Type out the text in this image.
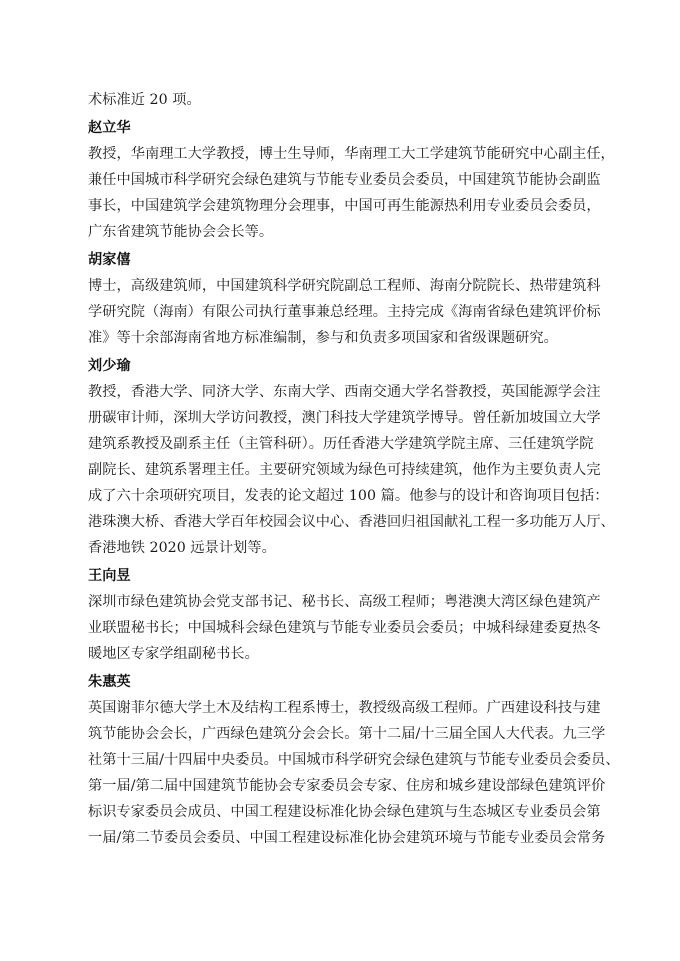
术标准近 20 项。
赵立华
教授，华南理工大学教授，博士生导师，华南理工大工学建筑节能研究中心副主任，
兼任中国城市科学研究会绿色建筑与节能专业委员会委员，中国建筑节能协会副监
事长，中国建筑学会建筑物理分会理事，中国可再生能源热利用专业委员会委员，
广东省建筑节能协会会长等。
胡家僖
博士，高级建筑师，中国建筑科学研究院副总工程师、海南分院院长、热带建筑科
学研究院（海南）有限公司执行董事兼总经理。主持完成《海南省绿色建筑评价标
准》等十余部海南省地方标准编制，参与和负责多项国家和省级课题研究。
刘少瑜
教授，香港大学、同济大学、东南大学、西南交通大学名誉教授，英国能源学会注
册碳审计师，深圳大学访问教授，澳门科技大学建筑学博导。曾任新加坡国立大学
建筑系教授及副系主任（主管科研）。历任香港大学建筑学院主席、三任建筑学院
副院长、建筑系署理主任。主要研究领域为绿色可持续建筑，他作为主要负责人完
成了六十余项研究项目，发表的论文超过 100 篇。他参与的设计和咨询项目包括：
港珠澳大桥、香港大学百年校园会议中心、香港回归祖国献礼工程一多功能万人厅、
香港地铁 2020 远景计划等。
王向昱
深圳市绿色建筑协会党支部书记、秘书长、高级工程师；粤港澳大湾区绿色建筑产
业联盟秘书长；中国城科会绿色建筑与节能专业委员会委员；中城科绿建委夏热冬
暖地区专家学组副秘书长。
朱惠英
英国谢菲尔德大学土木及结构工程系博士，教授级高级工程师。广西建设科技与建
筑节能协会会长，广西绿色建筑分会会长。第十二届/十三届全国人大代表。九三学
社第十三届/十四届中央委员。中国城市科学研究会绿色建筑与节能专业委员会委员、
第一届/第二届中国建筑节能协会专家委员会专家、住房和城乡建设部绿色建筑评价
标识专家委员会成员、中国工程建设标准化协会绿色建筑与生态城区专业委员会第
一届/第二节委员会委员、中国工程建设标准化协会建筑环境与节能专业委员会常务
